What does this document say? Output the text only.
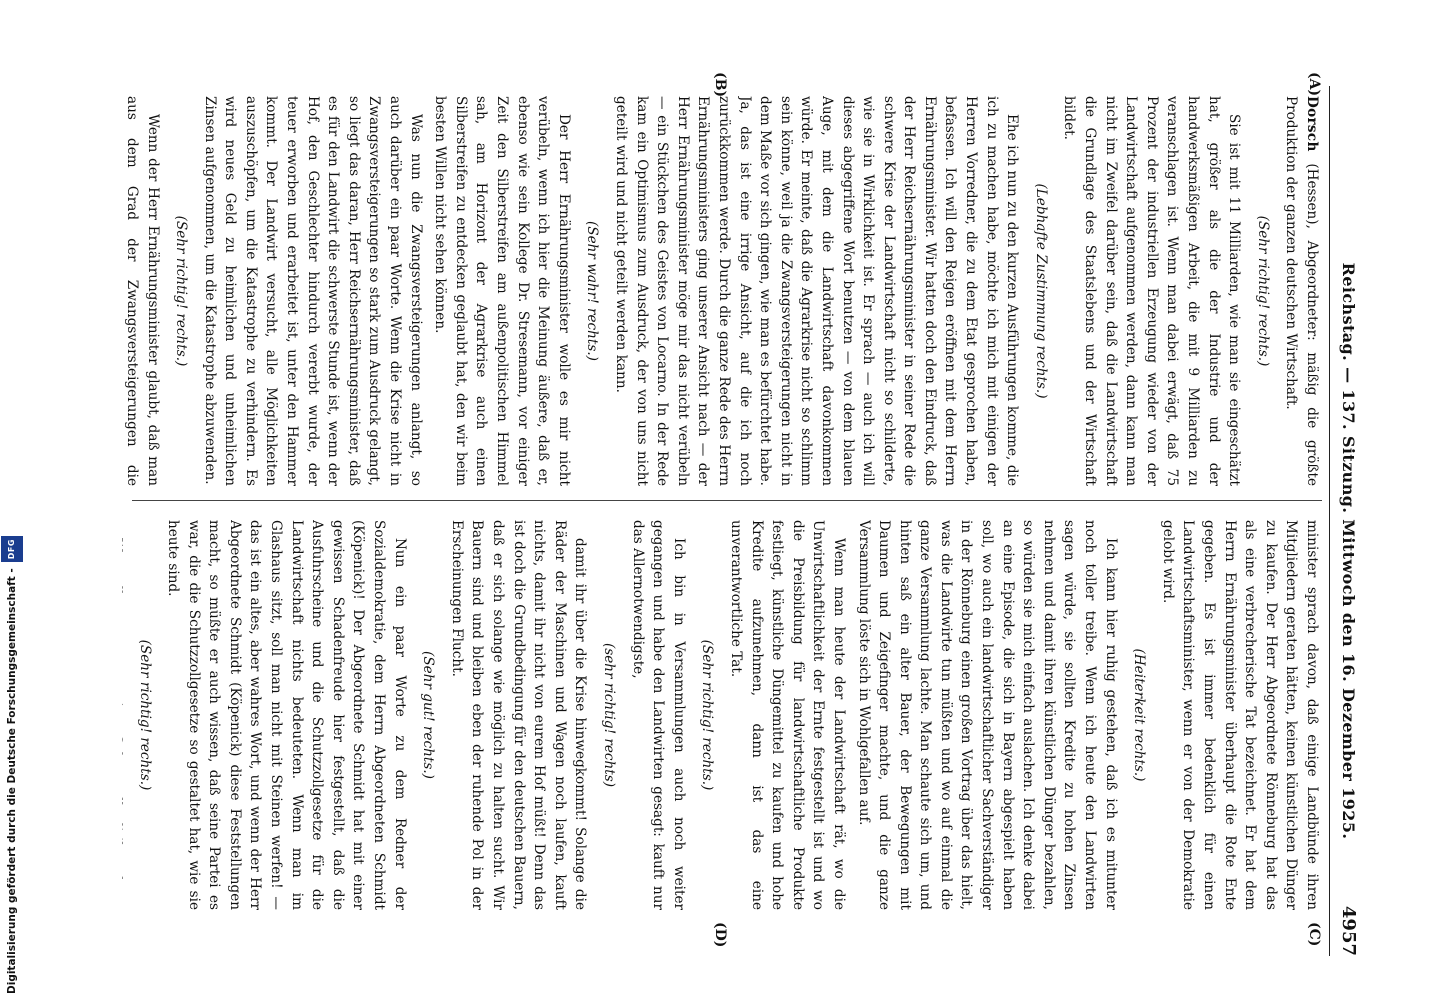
Reichstag. — 137. Sitzung. Mittwoch den 16. Dezember 1925.
4957
(A)
(B)
(C)
(D)

Dorsch (Hessen), Abgeordneter: mäßig die größte Produktion der ganzen deutschen Wirtschaft.

(Sehr richtig! rechts.)

Sie ist mit 11 Milliarden, wie man sie eingeschätzt hat, größer als die der Industrie und der handwerksmäßigen Arbeit, die mit 9 Milliarden zu veranschlagen ist. Wenn man dabei erwägt, daß 75 Prozent der industriellen Erzeugung wieder von der Landwirtschaft aufgenommen werden, dann kann man nicht im Zweifel darüber sein, daß die Landwirtschaft die Grundlage des Staatslebens und der Wirtschaft bildet.

(Lebhafte Zustimmung rechts.)

Ehe ich nun zu den kurzen Ausführungen komme, die ich zu machen habe, möchte ich mich mit einigen der Herren Vorredner, die zu dem Etat gesprochen haben, befassen. Ich will den Reigen eröffnen mit dem Herrn Ernährungsminister. Wir hatten doch den Eindruck, daß der Herr Reichsernährungsminister in seiner Rede die schwere Krise der Landwirtschaft nicht so schilderte, wie sie in Wirklichkeit ist. Er sprach — auch ich will dieses abgegriffene Wort benutzen — von dem blauen Auge, mit dem die Landwirtschaft davonkommen würde. Er meinte, daß die Agrarkrise nicht so schlimm sein könne, weil ja die Zwangsversteigerungen nicht in dem Maße vor sich gingen, wie man es befürchtet habe. Ja, das ist eine irrige Ansicht, auf die ich noch zurückkommen werde. Durch die ganze Rede des Herrn Ernährungsministers ging unserer Ansicht nach — der Herr Ernährungsminister möge mir das nicht verübeln — ein Stückchen des Geistes von Locarno. In der Rede kam ein Optimismus zum Ausdruck, der von uns nicht geteilt wird und nicht geteilt werden kann.

(Sehr wahr! rechts.)

Der Herr Ernährungsminister wolle es mir nicht verübeln, wenn ich hier die Meinung äußere, daß er, ebenso wie sein Kollege Dr. Stresemann, vor einiger Zeit den Silberstreifen am außenpolitischen Himmel sah, am Horizont der Agrarkrise auch einen Silberstreifen zu entdecken geglaubt hat, den wir beim besten Willen nicht sehen können.

Was nun die Zwangsversteigerungen anlangt, so auch darüber ein paar Worte. Wenn die Krise nicht in Zwangsversteigerungen so stark zum Ausdruck gelangt, so liegt das daran, Herr Reichsernährungsminister, daß es für den Landwirt die schwerste Stunde ist, wenn der Hof, den Geschlechter hindurch vererbt wurde, der teuer erworben und erarbeitet ist, unter den Hammer kommt. Der Landwirt versucht, alle Möglichkeiten auszuschöpfen, um die Katastrophe zu verhindern. Es wird neues Geld zu heimlichen und unheimlichen Zinsen aufgenommen, um die Katastrophe abzuwenden.

(Sehr richtig! rechts.)

Wenn der Herr Ernährungsminister glaubt, daß man aus dem Grad der Zwangsversteigerungen die

minister sprach davon, daß einige Landbünde ihren Mitgliedern geraten hätten, keinen künstlichen Dünger zu kaufen. Der Herr Abgeordnete Rönneburg hat das als eine verbrecherische Tat bezeichnet. Er hat dem Herrn Ernährungsminister überhaupt die Rote Ente gegeben. Es ist immer bedenklich für einen Landwirtschaftsminister, wenn er von der Demokratie gelobt wird.

(Heiterkeit rechts.)

Ich kann hier ruhig gestehen, daß ich es mitunter noch toller treibe. Wenn ich heute den Landwirten sagen würde, sie sollten Kredite zu hohen Zinsen nehmen und damit ihren künstlichen Dünger bezahlen, so würden sie mich einfach auslachen. Ich denke dabei an eine Episode, die sich in Bayern abgespielt haben soll, wo auch ein landwirtschaftlicher Sachverständiger in der Rönneburg einen großen Vortrag über das hielt, was die Landwirte tun müßten und wo auf einmal die ganze Versammlung lachte. Man schaute sich um, und hinten saß ein alter Bauer, der Bewegungen mit Daumen und Zeigefinger machte, und die ganze Versammlung löste sich in Wohlgefallen auf.

Wenn man heute der Landwirtschaft rät, wo die Unwirtschaftlichkeit der Ernte festgestellt ist und wo die Preisbildung für landwirtschaftliche Produkte festliegt, künstliche Düngemittel zu kaufen und hohe Kredite aufzunehmen, dann ist das eine unverantwortliche Tat.

(Sehr richtig! rechts.)

Ich bin in Versammlungen auch noch weiter gegangen und habe den Landwirten gesagt: kauft nur das Allernotwendigste,

(sehr richtig! rechts)

damit ihr über die Krise hinwegkommt! Solange die Räder der Maschinen und Wagen noch laufen, kauft nichts, damit ihr nicht von eurem Hof müßt! Denn das ist doch die Grundbedingung für den deutschen Bauern, daß er sich solange wie möglich zu halten sucht. Wir Bauern sind und bleiben eben der ruhende Pol in der Erscheinungen Flucht.

(Sehr gut! rechts.)

Nun ein paar Worte zu dem Redner der Sozialdemokratie, dem Herrn Abgeordneten Schmidt (Köpenick)! Der Abgeordnete Schmidt hat mit einer gewissen Schadenfreude hier festgestellt, daß die Ausfuhrscheine und die Schutzzollgesetze für die Landwirtschaft nichts bedeuteten. Wenn man im Glashaus sitzt, soll man nicht mit Steinen werfen! — das ist ein altes, aber wahres Wort, und wenn der Herr Abgeordnete Schmidt (Köpenick) diese Feststellungen macht, so müßte er auch wissen, daß seine Partei es war, die die Schutzzollgesetze so gestaltet hat, wie sie heute sind.

(Sehr richtig! rechts.)

Digitalisierung gefördert durch die Deutsche Forschungsgemeinschaft -
DFG
